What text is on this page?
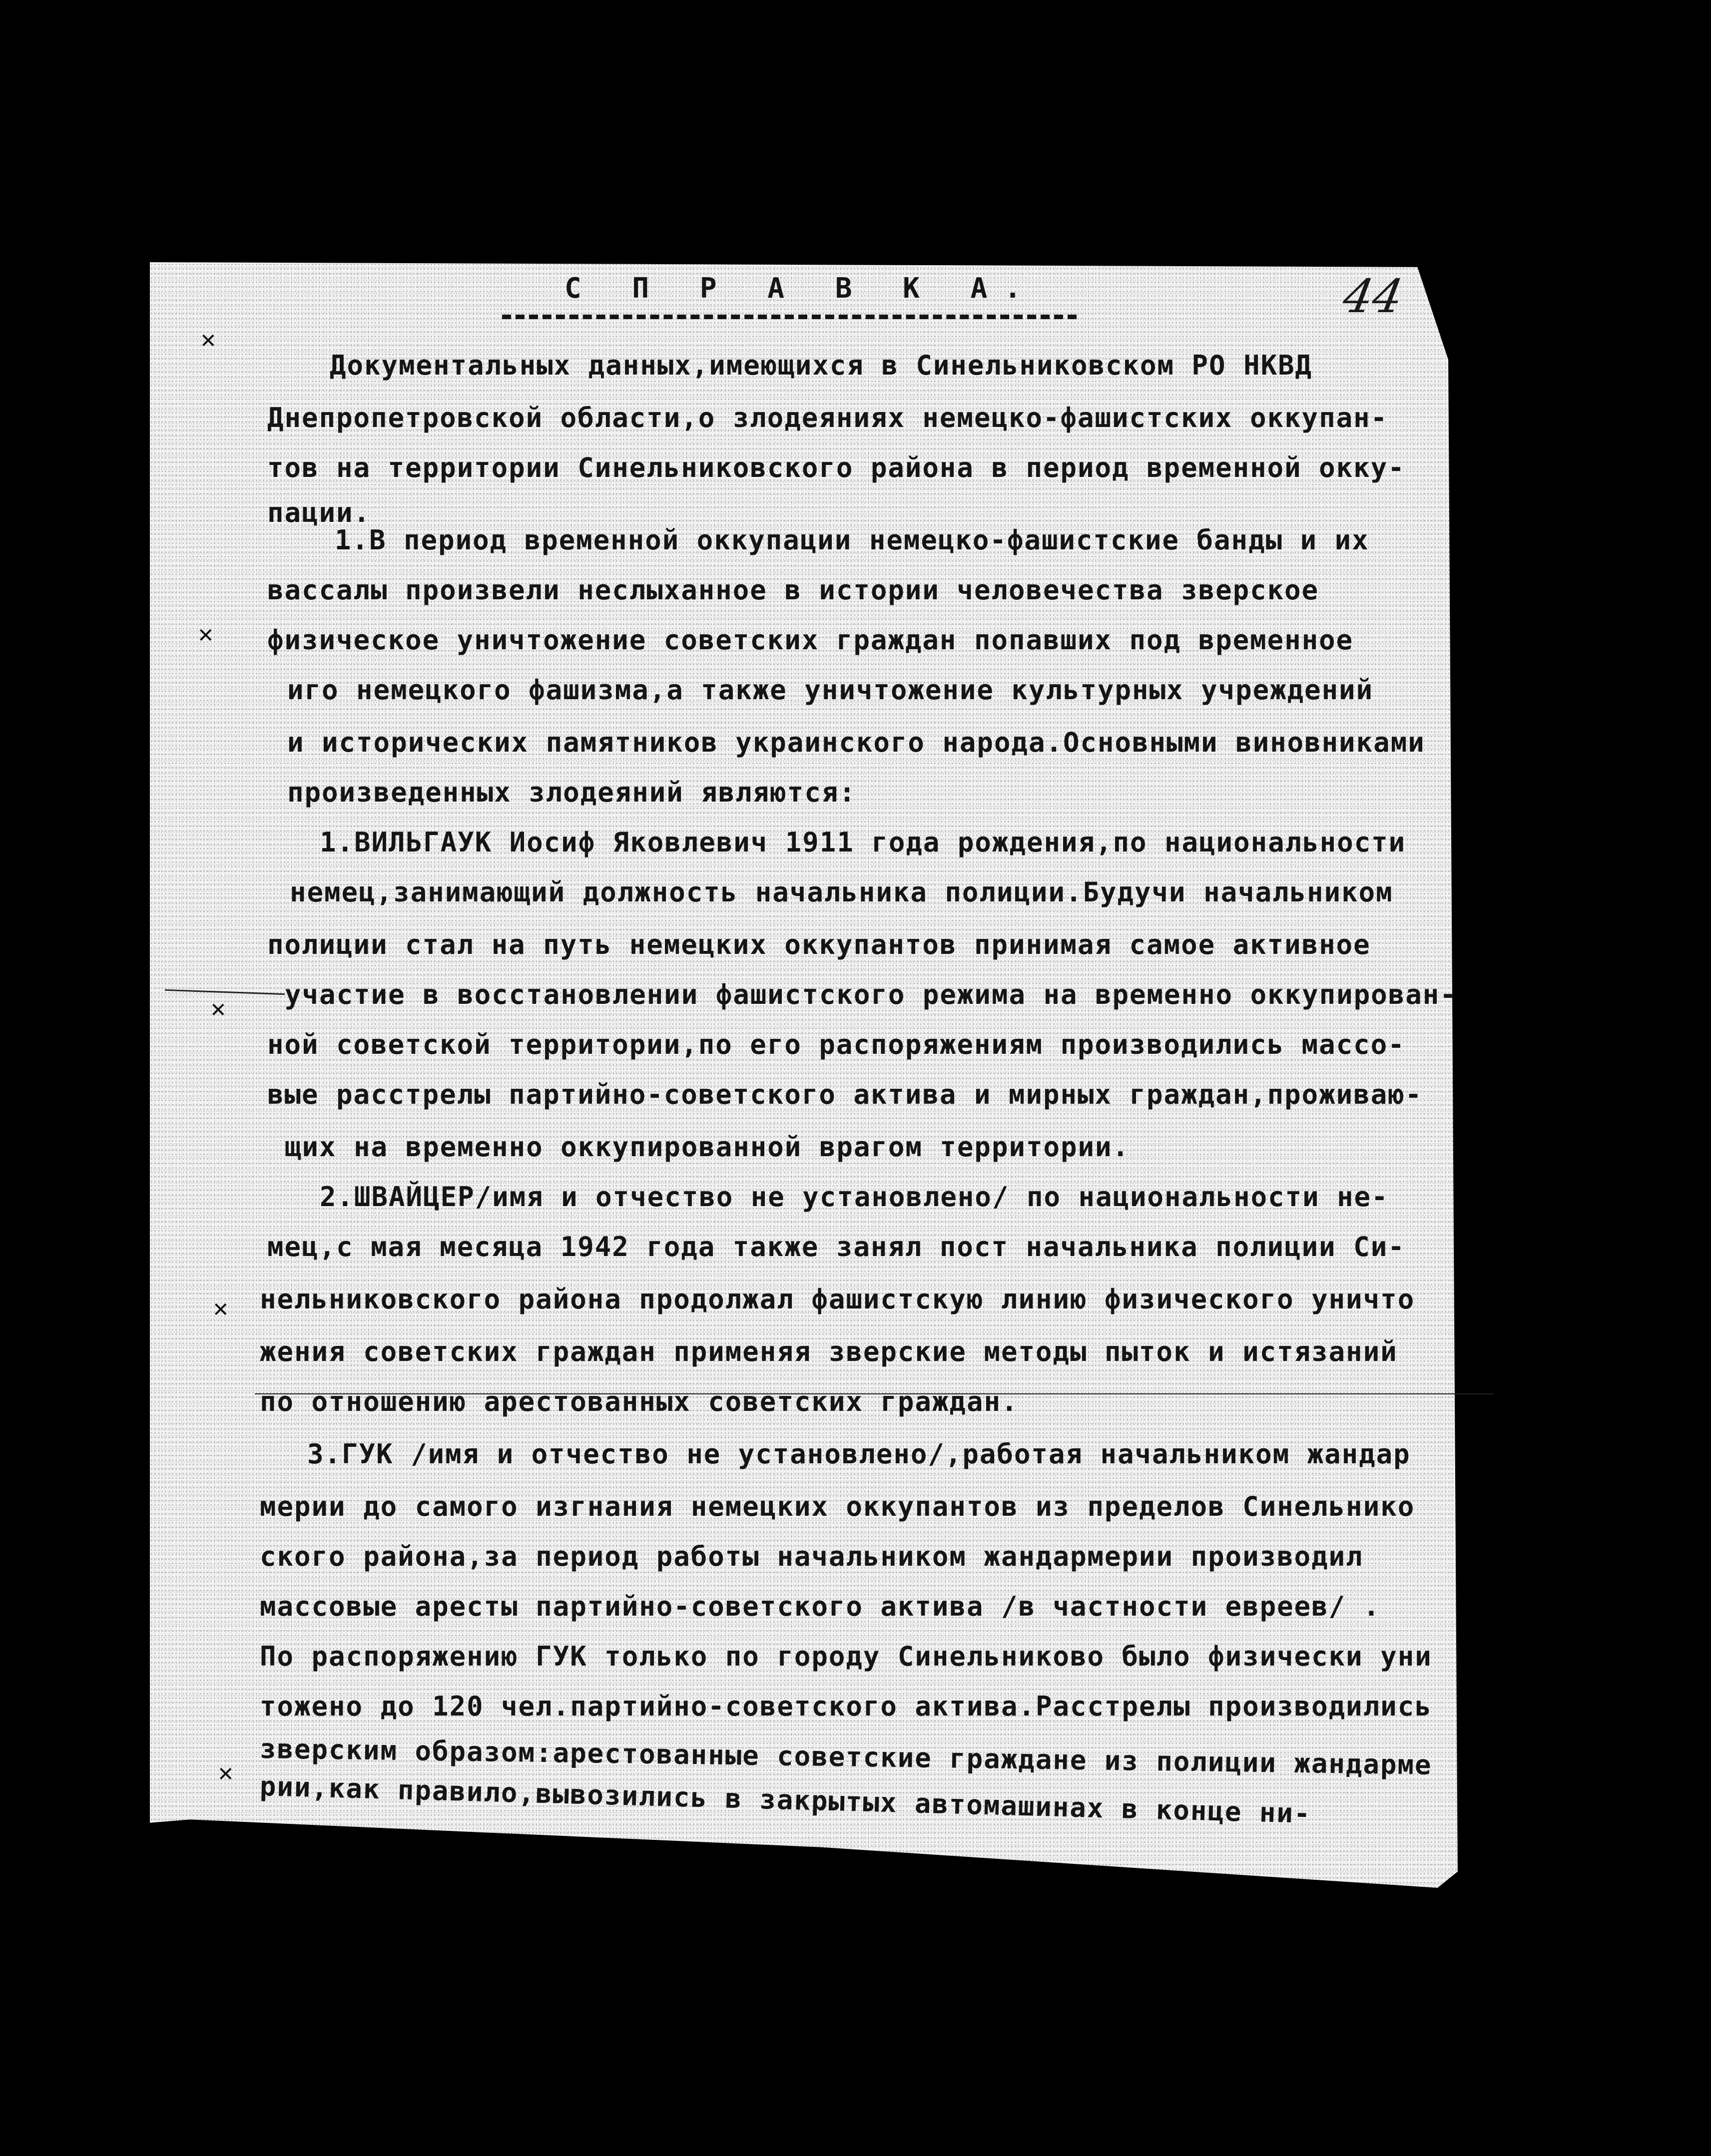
С П Р А В К А.	44
✕
✕
✕
✕
✕
Документальных данных,имеющихся в Синельниковском РО НКВД
Днепропетровской области,о злодеяниях немецко-фашистских оккупан-
тов на территории Синельниковского района в период временной окку-
пации.
1.В период временной оккупации немецко-фашистские банды и их
вассалы произвели неслыханное в истории человечества зверское
физическое уничтожение советских граждан попавших под временное
иго немецкого фашизма,а также уничтожение культурных учреждений
и исторических памятников украинского народа.Основными виновниками
произведенных злодеяний являются:
1.ВИЛЬГАУК Иосиф Яковлевич 1911 года рождения,по национальности
немец,занимающий должность начальника полиции.Будучи начальником
полиции стал на путь немецких оккупантов принимая самое активное
участие в восстановлении фашистского режима на временно оккупирован-
ной советской территории,по его распоряжениям производились массо-
вые расстрелы партийно-советского актива и мирных граждан,проживаю-
щих на временно оккупированной врагом территории.
2.ШВАЙЦЕР/имя и отчество не установлено/ по национальности не-
мец,с мая месяца 1942 года также занял пост начальника полиции Си-
нельниковского района продолжал фашистскую линию физического уничто
жения советских граждан применяя зверские методы пыток и истязаний
по отношению арестованных советских граждан.
3.ГУК /имя и отчество не установлено/,работая начальником жандар
мерии до самого изгнания немецких оккупантов из пределов Синельнико
ского района,за период работы начальником жандармерии производил
массовые аресты партийно-советского актива /в частности евреев/ .
По распоряжению ГУК только по городу Синельниково было физически уни
тожено до 120 чел.партийно-советского актива.Расстрелы производились
зверским образом:арестованные советские граждане из полиции жандарме
рии,как правило,вывозились в закрытых автомашинах в конце ни-
